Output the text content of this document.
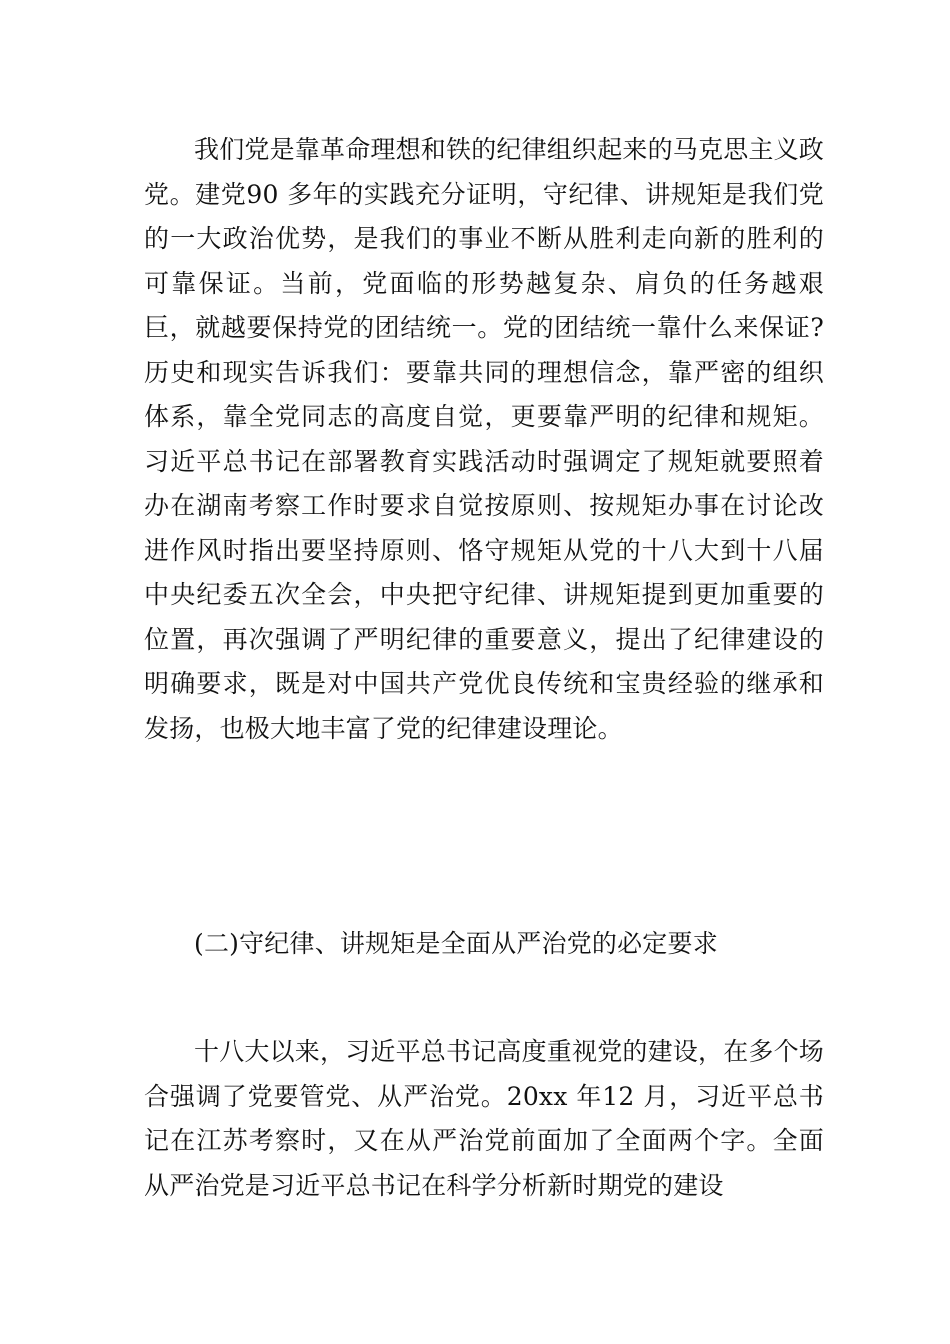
我们党是靠革命理想和铁的纪律组织起来的马克思主义政党。建党90 多年的实践充分证明，守纪律、讲规矩是我们党的一大政治优势，是我们的事业不断从胜利走向新的胜利的可靠保证。当前，党面临的形势越复杂、肩负的任务越艰巨，就越要保持党的团结统一。党的团结统一靠什么来保证?历史和现实告诉我们：要靠共同的理想信念，靠严密的组织体系，靠全党同志的高度自觉，更要靠严明的纪律和规矩。习近平总书记在部署教育实践活动时强调定了规矩就要照着办在湖南考察工作时要求自觉按原则、按规矩办事在讨论改进作风时指出要坚持原则、恪守规矩从党的十八大到十八届中央纪委五次全会，中央把守纪律、讲规矩提到更加重要的位置，再次强调了严明纪律的重要意义，提出了纪律建设的明确要求，既是对中国共产党优良传统和宝贵经验的继承和发扬，也极大地丰富了党的纪律建设理论。

(二)守纪律、讲规矩是全面从严治党的必定要求

十八大以来，习近平总书记高度重视党的建设，在多个场合强调了党要管党、从严治党。20xx 年12 月，习近平总书记在江苏考察时，又在从严治党前面加了全面两个字。全面从严治党是习近平总书记在科学分析新时期党的建设
